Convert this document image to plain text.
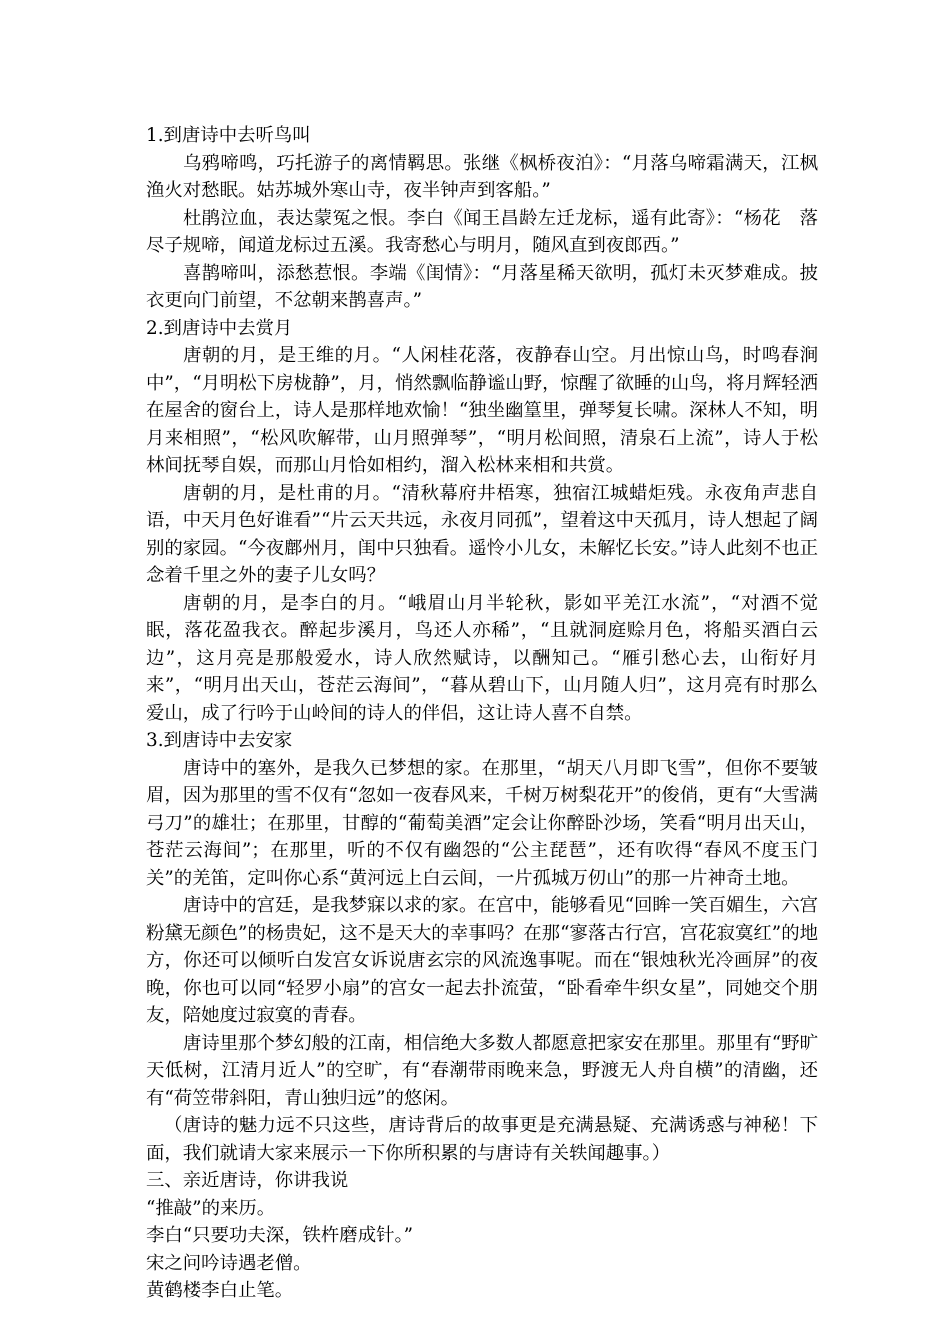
1.到唐诗中去听鸟叫

乌鸦啼鸣，巧托游子的离情羁思。张继《枫桥夜泊》：“月落乌啼霜满天，江枫渔火对愁眠。姑苏城外寒山寺，夜半钟声到客船。”

杜鹃泣血，表达蒙冤之恨。李白《闻王昌龄左迁龙标，遥有此寄》：“杨花　落尽子规啼，闻道龙标过五溪。我寄愁心与明月，随风直到夜郎西。”

喜鹊啼叫，添愁惹恨。李端《闺情》：“月落星稀天欲明，孤灯未灭梦难成。披衣更向门前望，不忿朝来鹊喜声。”

2.到唐诗中去赏月

唐朝的月，是王维的月。“人闲桂花落，夜静春山空。月出惊山鸟，时鸣春涧中”，“月明松下房栊静”，月，悄然飘临静谧山野，惊醒了欲睡的山鸟，将月辉轻洒在屋舍的窗台上，诗人是那样地欢愉！“独坐幽篁里，弹琴复长啸。深林人不知，明月来相照”，“松风吹解带，山月照弹琴”，“明月松间照，清泉石上流”，诗人于松林间抚琴自娱，而那山月恰如相约，溜入松林来相和共赏。

唐朝的月，是杜甫的月。“清秋幕府井梧寒，独宿江城蜡炬残。永夜角声悲自语，中天月色好谁看”“片云天共远，永夜月同孤”，望着这中天孤月，诗人想起了阔别的家园。“今夜鄜州月，闺中只独看。遥怜小儿女，未解忆长安。”诗人此刻不也正念着千里之外的妻子儿女吗？

唐朝的月，是李白的月。“峨眉山月半轮秋，影如平羌江水流”，“对酒不觉眠，落花盈我衣。醉起步溪月，鸟还人亦稀”，“且就洞庭赊月色，将船买酒白云边”，这月亮是那般爱水，诗人欣然赋诗，以酬知己。“雁引愁心去，山衔好月来”，“明月出天山，苍茫云海间”，“暮从碧山下，山月随人归”，这月亮有时那么爱山，成了行吟于山岭间的诗人的伴侣，这让诗人喜不自禁。

3.到唐诗中去安家

唐诗中的塞外，是我久已梦想的家。在那里，“胡天八月即飞雪”，但你不要皱眉，因为那里的雪不仅有“忽如一夜春风来，千树万树梨花开”的俊俏，更有“大雪满弓刀”的雄壮；在那里，甘醇的“葡萄美酒”定会让你醉卧沙场，笑看“明月出天山，苍茫云海间”；在那里，听的不仅有幽怨的“公主琵琶”，还有吹得“春风不度玉门关”的羌笛，定叫你心系“黄河远上白云间，一片孤城万仞山”的那一片神奇土地。

唐诗中的宫廷，是我梦寐以求的家。在宫中，能够看见“回眸一笑百媚生，六宫粉黛无颜色”的杨贵妃，这不是天大的幸事吗？在那“寥落古行宫，宫花寂寞红”的地方，你还可以倾听白发宫女诉说唐玄宗的风流逸事呢。而在“银烛秋光冷画屏”的夜晚，你也可以同“轻罗小扇”的宫女一起去扑流萤，“卧看牵牛织女星”，同她交个朋友，陪她度过寂寞的青春。

唐诗里那个梦幻般的江南，相信绝大多数人都愿意把家安在那里。那里有“野旷天低树，江清月近人”的空旷，有“春潮带雨晚来急，野渡无人舟自横”的清幽，还有“荷笠带斜阳，青山独归远”的悠闲。

（唐诗的魅力远不只这些，唐诗背后的故事更是充满悬疑、充满诱惑与神秘！下面，我们就请大家来展示一下你所积累的与唐诗有关轶闻趣事。）

三、亲近唐诗，你讲我说

“推敲”的来历。

李白“只要功夫深，铁杵磨成针。”

宋之问吟诗遇老僧。

黄鹤楼李白止笔。
